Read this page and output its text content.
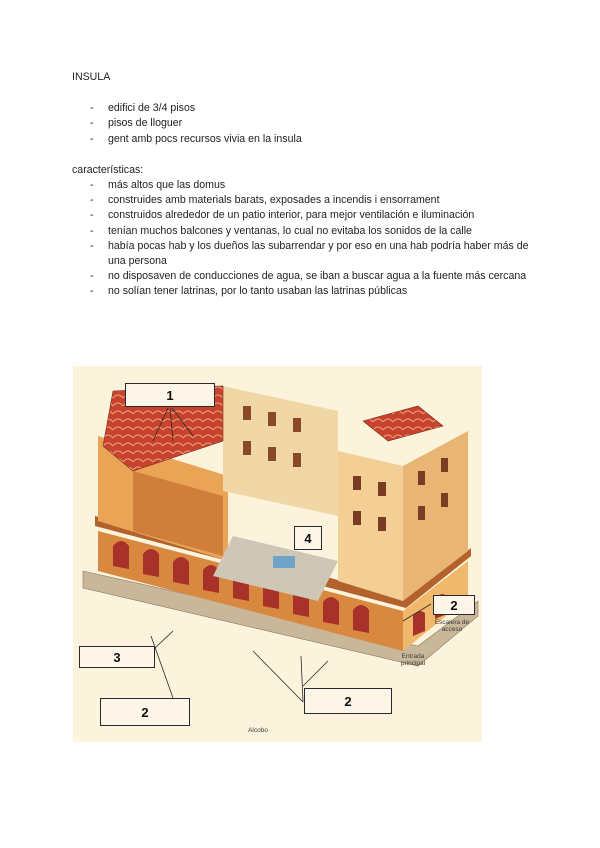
INSULA
- edifici de 3/4 pisos
- pisos de lloguer
- gent amb pocs recursos vivia en la insula
características:
- más altos que las domus
- construides amb materials barats, exposades a incendis i ensorrament
- construidos alrededor de un patio interior, para mejor ventilación e iluminación
- tenían muchos balcones y ventanas, lo cual no evitaba los sonidos de la calle
- había pocas hab y los dueños las subarrendar y por eso en una hab podría haber más de una persona
- no disposaven de conducciones de agua, se iban a buscar agua a la fuente más cercana
- no solían tener latrinas, por lo tanto usaban las latrinas públicas
1
4
2
3
2
2
Escalera de acceso
Entrada principal
Alcobo
